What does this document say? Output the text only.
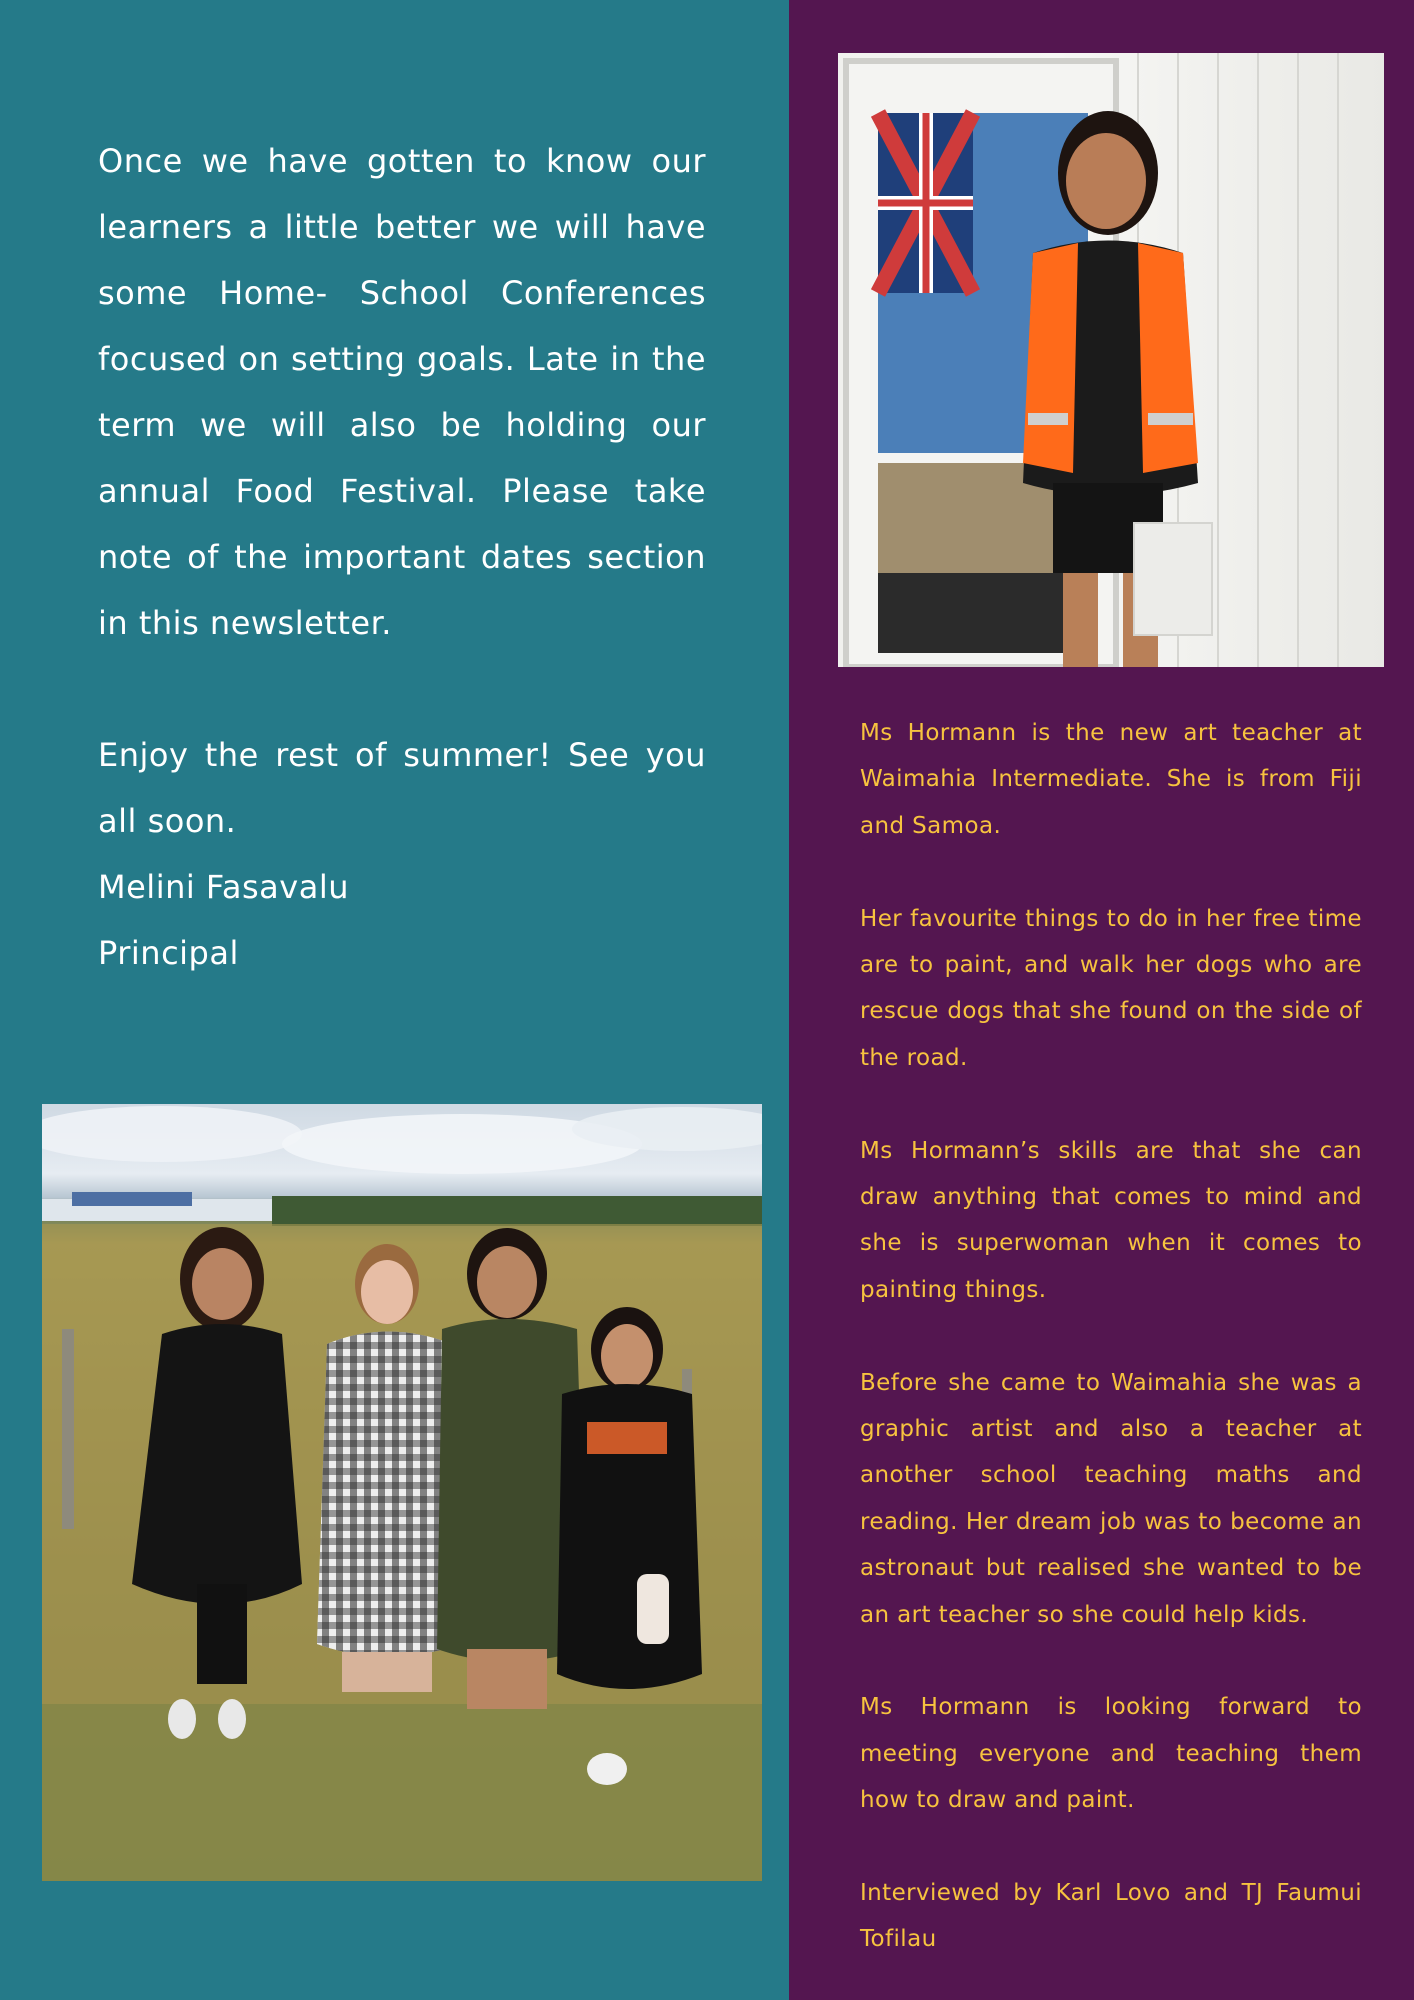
Once we have gotten to know our learners a little better we will have some Home- School Conferences focused on setting goals. Late in the term we will also be holding our annual Food Festival. Please take note of the important dates section in this newsletter.

Enjoy the rest of summer! See you all soon.

Melini Fasavalu

Principal

Ms Hormann is the new art teacher at Waimahia Intermediate. She is from Fiji and Samoa.

Her favourite things to do in her free time are to paint, and walk her dogs who are rescue dogs that she found on the side of the road.

Ms Hormann’s skills are that she can draw anything that comes to mind and she is superwoman when it comes to painting things.

Before she came to Waimahia she was a graphic artist and also a teacher at another school teaching maths and reading. Her dream job was to become an astronaut but realised she wanted to be an art teacher so she could help kids.

Ms Hormann is looking forward to meeting everyone and teaching them how to draw and paint.

Interviewed by Karl Lovo and TJ Faumui Tofilau
